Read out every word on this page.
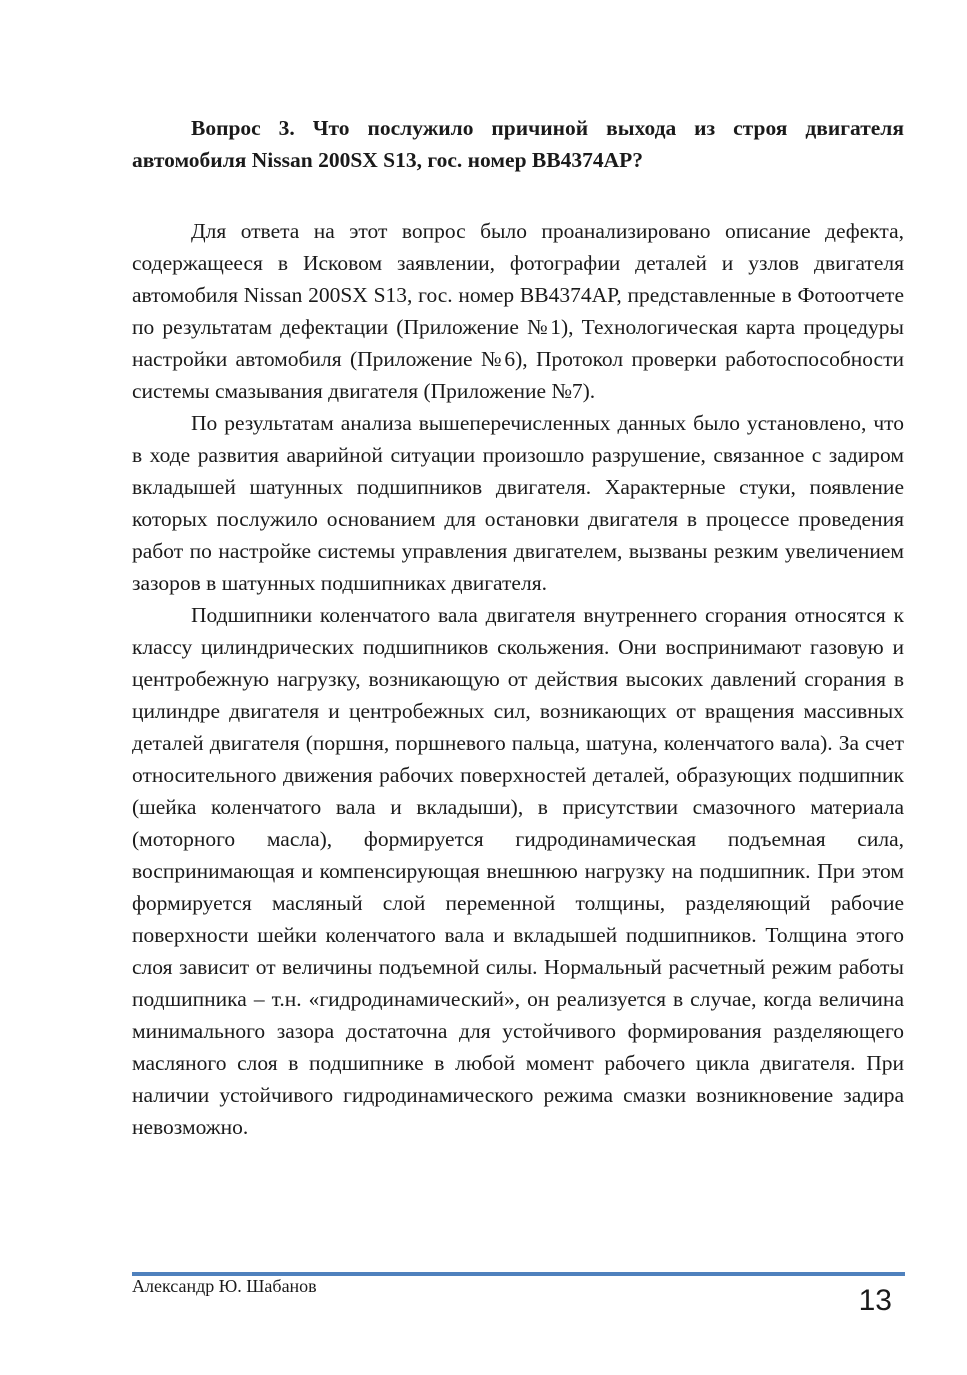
Вопрос 3. Что послужило причиной выхода из строя двигателя автомобиля Nissan 200SX S13, гос. номер ВВ4374АР?

Для ответа на этот вопрос было проанализировано описание дефекта, содержащееся в Исковом заявлении, фотографии деталей и узлов двигателя автомобиля Nissan 200SX S13, гос. номер ВВ4374АР, представленные в Фотоотчете по результатам дефектации (Приложение №1), Технологическая карта процедуры настройки автомобиля (Приложение №6), Протокол проверки работоспособности системы смазывания двигателя (Приложение №7).

По результатам анализа вышеперечисленных данных было установлено, что в ходе развития аварийной ситуации произошло разрушение, связанное с задиром вкладышей шатунных подшипников двигателя. Характерные стуки, появление которых послужило основанием для остановки двигателя в процессе проведения работ по настройке системы управления двигателем, вызваны резким увеличением зазоров в шатунных подшипниках двигателя.

Подшипники коленчатого вала двигателя внутреннего сгорания относятся к классу цилиндрических подшипников скольжения. Они воспринимают газовую и центробежную нагрузку, возникающую от действия высоких давлений сгорания в цилиндре двигателя и центробежных сил, возникающих от вращения массивных деталей двигателя (поршня, поршневого пальца, шатуна, коленчатого вала). За счет относительного движения рабочих поверхностей деталей, образующих подшипник (шейка коленчатого вала и вкладыши), в присутствии смазочного материала (моторного масла), формируется гидродинамическая подъемная сила, воспринимающая и компенсирующая внешнюю нагрузку на подшипник. При этом формируется масляный слой переменной толщины, разделяющий рабочие поверхности шейки коленчатого вала и вкладышей подшипников. Толщина этого слоя зависит от величины подъемной силы. Нормальный расчетный режим работы подшипника – т.н. «гидродинамический», он реализуется в случае, когда величина минимального зазора достаточна для устойчивого формирования разделяющего масляного слоя в подшипнике в любой момент рабочего цикла двигателя. При наличии устойчивого гидродинамического режима смазки возникновение задира невозможно.

Александр Ю. Шабанов	13
